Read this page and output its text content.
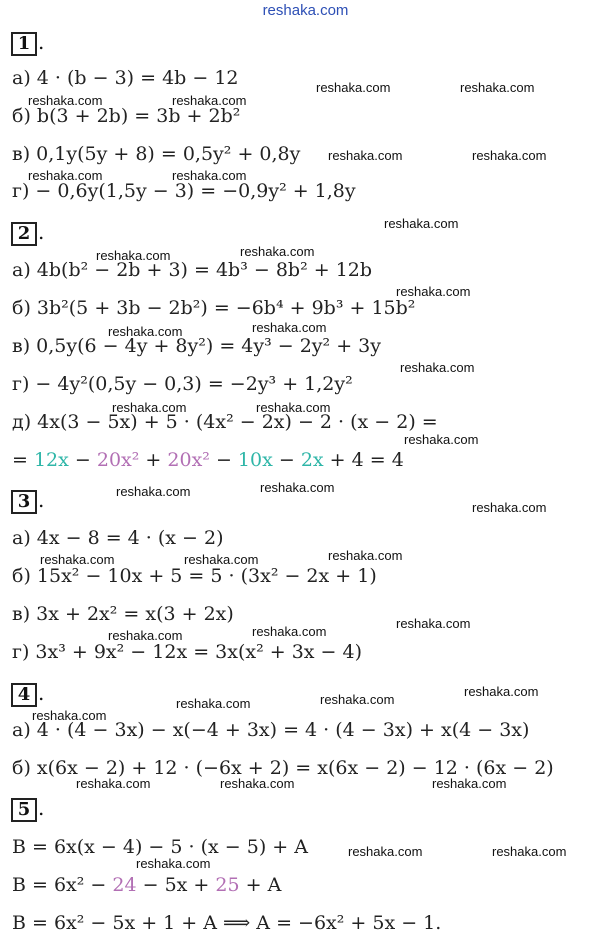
reshaka.com
1 .
а) 4 · (b − 3) = 4b − 12
б) b(3 + 2b) = 3b + 2b²
в) 0,1y(5y + 8) = 0,5y² + 0,8y
г) − 0,6y(1,5y − 3) = −0,9y² + 1,8y
2 .
а) 4b(b² − 2b + 3) = 4b³ − 8b² + 12b
б) 3b²(5 + 3b − 2b²) = −6b⁴ + 9b³ + 15b²
в) 0,5y(6 − 4y + 8y²) = 4y³ − 2y² + 3y
г) − 4y²(0,5y − 0,3) = −2y³ + 1,2y²
д) 4x(3 − 5x) + 5 · (4x² − 2x) − 2 · (x − 2) =
= 12x − 20x² + 20x² − 10x − 2x + 4 = 4
3 .
а) 4x − 8 = 4 · (x − 2)
б) 15x² − 10x + 5 = 5 · (3x² − 2x + 1)
в) 3x + 2x² = x(3 + 2x)
г) 3x³ + 9x² − 12x = 3x(x² + 3x − 4)
4 .
а) 4 · (4 − 3x) − x(−4 + 3x) = 4 · (4 − 3x) + x(4 − 3x)
б) x(6x − 2) + 12 · (−6x + 2) = x(6x − 2) − 12 · (6x − 2)
5 .
B = 6x(x − 4) − 5 · (x − 5) + A
B = 6x² − 24 − 5x + 25 + A
B = 6x² − 5x + 1 + A ⟹ A = −6x² + 5x − 1.
reshaka.com	reshaka.com
reshaka.com	reshaka.com
reshaka.com	reshaka.com
reshaka.com	reshaka.com
reshaka.com
reshaka.com	reshaka.com
reshaka.com
reshaka.com	reshaka.com
reshaka.com
reshaka.com	reshaka.com
reshaka.com
reshaka.com	reshaka.com
reshaka.com
reshaka.com	reshaka.com	reshaka.com
reshaka.com
reshaka.com	reshaka.com
reshaka.com
reshaka.com	reshaka.com
reshaka.com
reshaka.com	reshaka.com	reshaka.com
reshaka.com	reshaka.com
reshaka.com
